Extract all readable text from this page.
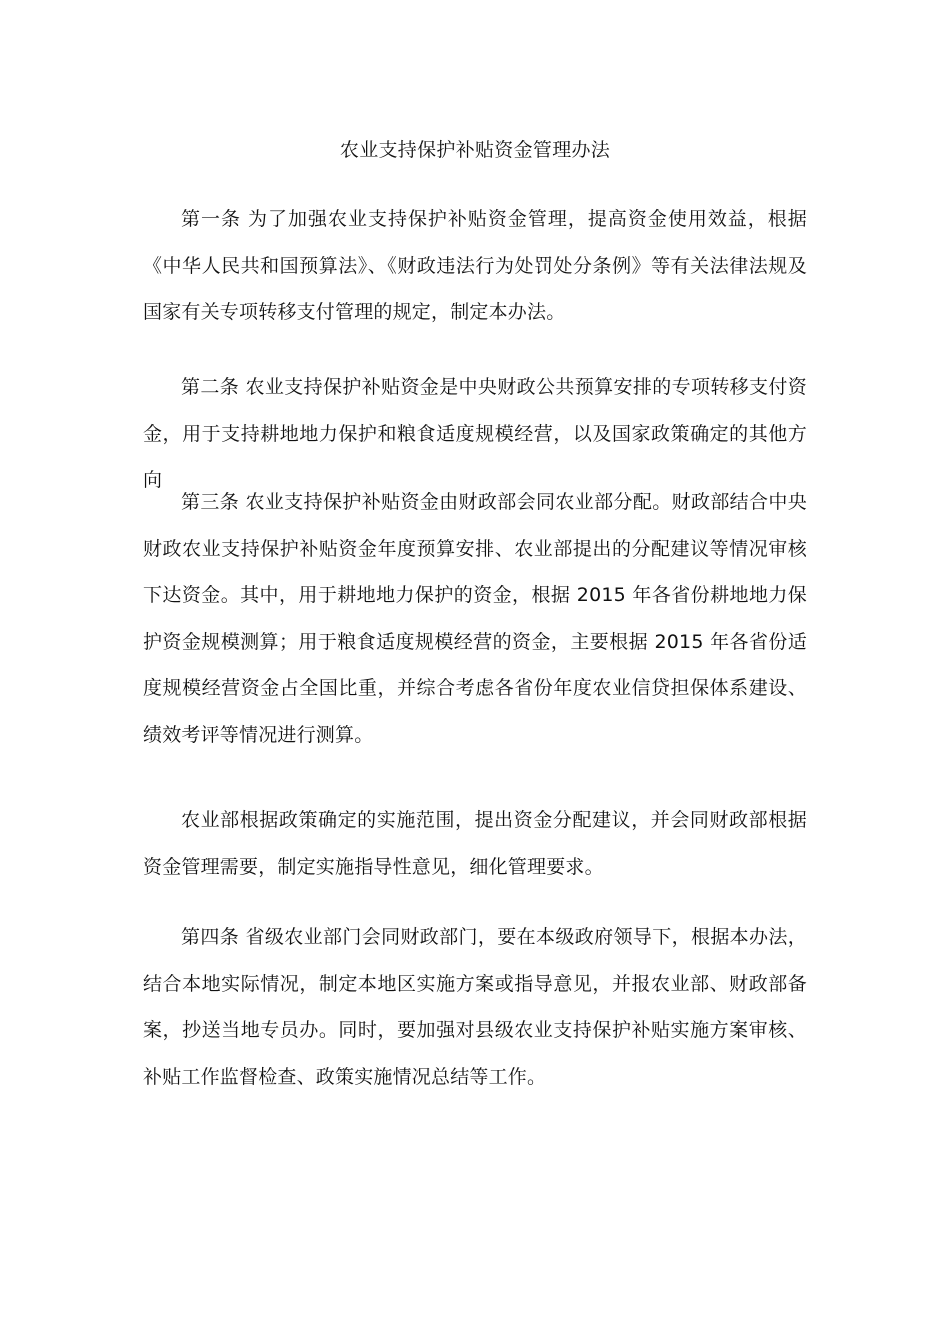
农业支持保护补贴资金管理办法

第一条 为了加强农业支持保护补贴资金管理，提高资金使用效益，根据《中华人民共和国预算法》、《财政违法行为处罚处分条例》等有关法律法规及国家有关专项转移支付管理的规定，制定本办法。

第二条 农业支持保护补贴资金是中央财政公共预算安排的专项转移支付资金，用于支持耕地地力保护和粮食适度规模经营，以及国家政策确定的其他方向

第三条 农业支持保护补贴资金由财政部会同农业部分配。财政部结合中央财政农业支持保护补贴资金年度预算安排、农业部提出的分配建议等情况审核下达资金。其中，用于耕地地力保护的资金，根据 2015 年各省份耕地地力保护资金规模测算；用于粮食适度规模经营的资金，主要根据 2015 年各省份适度规模经营资金占全国比重，并综合考虑各省份年度农业信贷担保体系建设、绩效考评等情况进行测算。

农业部根据政策确定的实施范围，提出资金分配建议，并会同财政部根据资金管理需要，制定实施指导性意见，细化管理要求。

第四条 省级农业部门会同财政部门，要在本级政府领导下，根据本办法，结合本地实际情况，制定本地区实施方案或指导意见，并报农业部、财政部备案，抄送当地专员办。同时，要加强对县级农业支持保护补贴实施方案审核、补贴工作监督检查、政策实施情况总结等工作。
